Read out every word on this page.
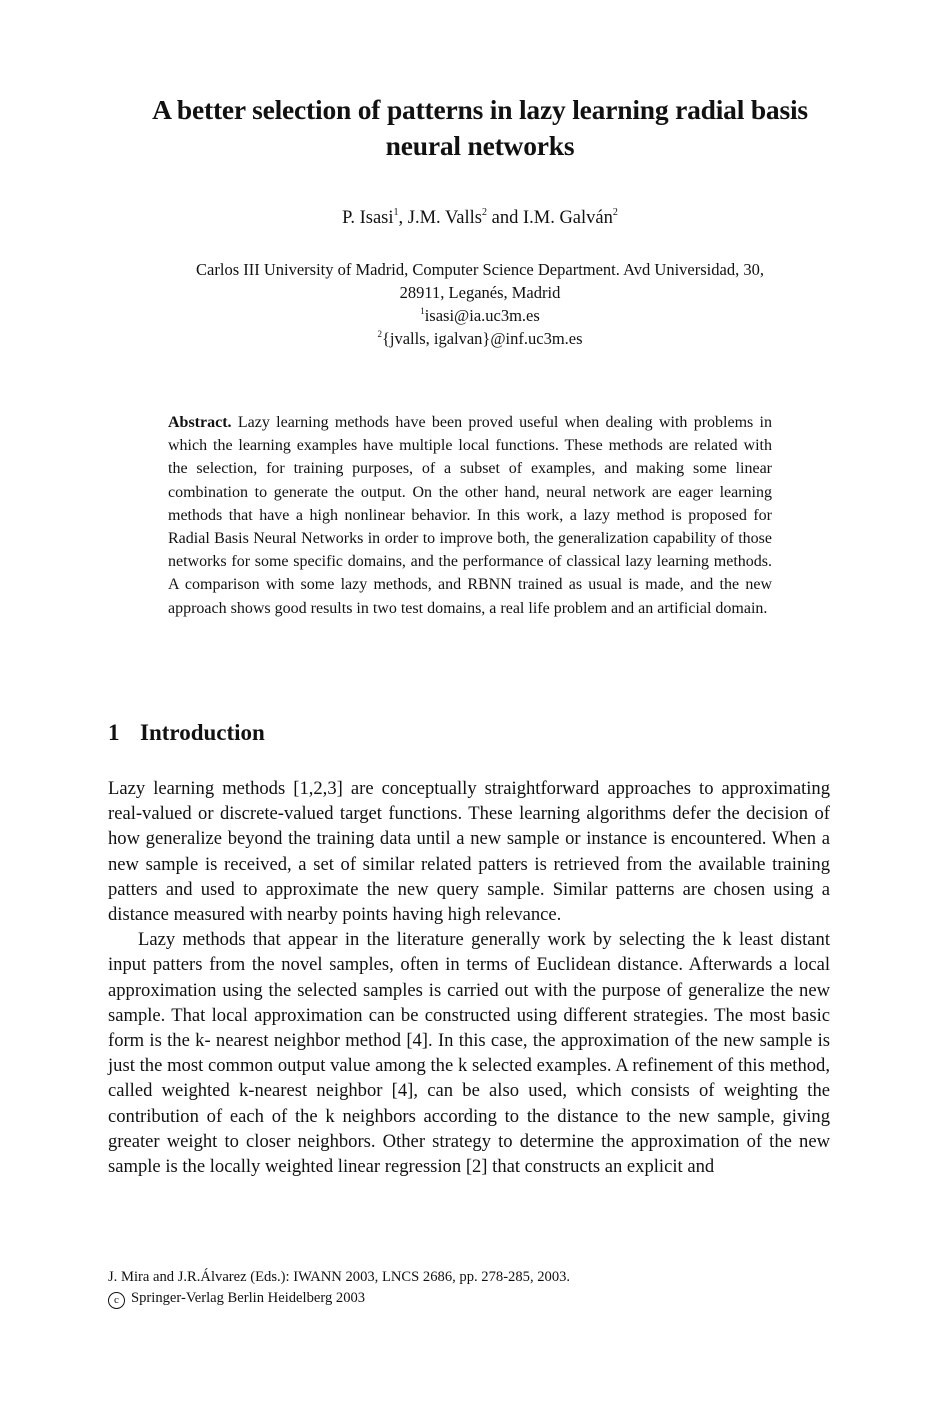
A better selection of patterns in lazy learning radial basis neural networks
P. Isasi$^1$, J.M. Valls$^2$ and I.M. Galván$^2$
Carlos III University of Madrid, Computer Science Department. Avd Universidad, 30,
28911, Leganés, Madrid
$^1$isasi@ia.uc3m.es
$^2${jvalls, igalvan}@inf.uc3m.es
Abstract. Lazy learning methods have been proved useful when dealing with problems in which the learning examples have multiple local functions. These methods are related with the selection, for training purposes, of a subset of examples, and making some linear combination to generate the output. On the other hand, neural network are eager learning methods that have a high nonlinear behavior. In this work, a lazy method is proposed for Radial Basis Neural Networks in order to improve both, the generalization capability of those networks for some specific domains, and the performance of classical lazy learning methods. A comparison with some lazy methods, and RBNN trained as usual is made, and the new approach shows good results in two test domains, a real life problem and an artificial domain.
1 Introduction

Lazy learning methods [1,2,3] are conceptually straightforward approaches to approximating real-valued or discrete-valued target functions. These learning algorithms defer the decision of how generalize beyond the training data until a new sample or instance is encountered. When a new sample is received, a set of similar related patters is retrieved from the available training patters and used to approximate the new query sample. Similar patterns are chosen using a distance measured with nearby points having high relevance.

Lazy methods that appear in the literature generally work by selecting the k least distant input patters from the novel samples, often in terms of Euclidean distance. Afterwards a local approximation using the selected samples is carried out with the purpose of generalize the new sample. That local approximation can be constructed using different strategies. The most basic form is the k- nearest neighbor method [4]. In this case, the approximation of the new sample is just the most common output value among the k selected examples. A refinement of this method, called weighted k-nearest neighbor [4], can be also used, which consists of weighting the contribution of each of the k neighbors according to the distance to the new sample, giving greater weight to closer neighbors. Other strategy to determine the approximation of the new sample is the locally weighted linear regression [2] that constructs an explicit and

J. Mira and J.R.Álvarez (Eds.): IWANN 2003, LNCS 2686, pp. 278-285, 2003.
c Springer-Verlag Berlin Heidelberg 2003
